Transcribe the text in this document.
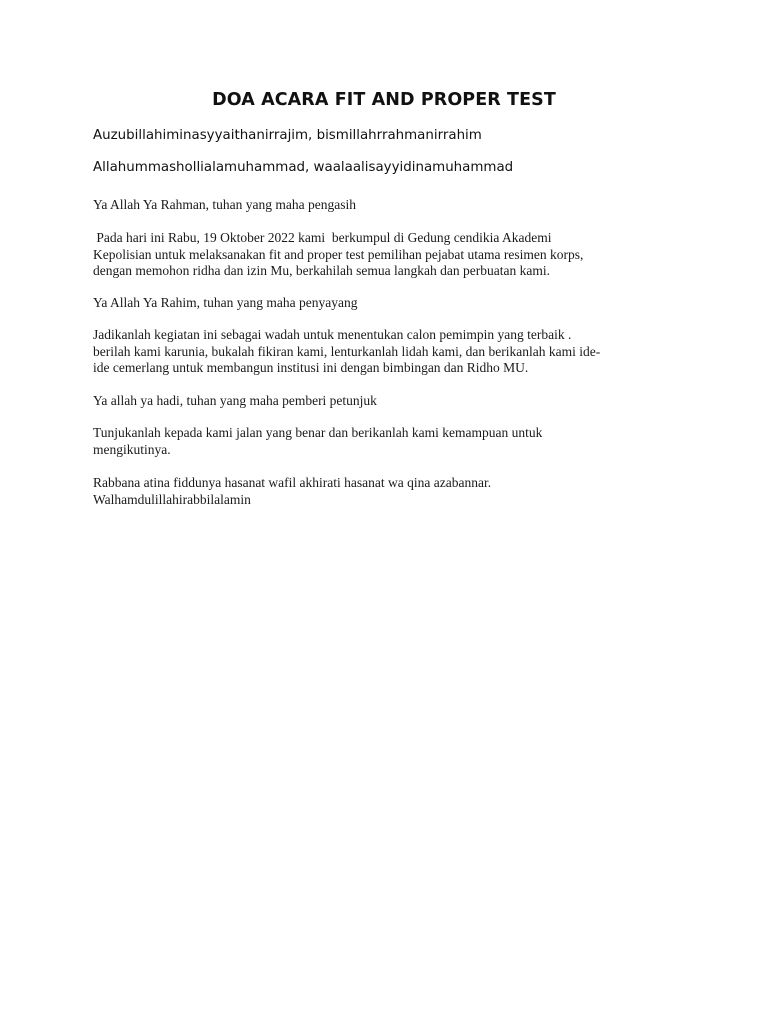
DOA ACARA FIT AND PROPER TEST

Auzubillahiminasyyaithanirrajim, bismillahrrahmanirrahim

Allahummashollialamuhammad, waalaalisayyidinamuhammad

Ya Allah Ya Rahman, tuhan yang maha pengasih

Pada hari ini Rabu, 19 Oktober 2022 kami  berkumpul di Gedung cendikia Akademi
Kepolisian untuk melaksanakan fit and proper test pemilihan pejabat utama resimen korps,
dengan memohon ridha dan izin Mu, berkahilah semua langkah dan perbuatan kami.

Ya Allah Ya Rahim, tuhan yang maha penyayang

Jadikanlah kegiatan ini sebagai wadah untuk menentukan calon pemimpin yang terbaik .
berilah kami karunia, bukalah fikiran kami, lenturkanlah lidah kami, dan berikanlah kami ide-
ide cemerlang untuk membangun institusi ini dengan bimbingan dan Ridho MU.

Ya allah ya hadi, tuhan yang maha pemberi petunjuk

Tunjukanlah kepada kami jalan yang benar dan berikanlah kami kemampuan untuk
mengikutinya.

Rabbana atina fiddunya hasanat wafil akhirati hasanat wa qina azabannar.
Walhamdulillahirabbilalamin
